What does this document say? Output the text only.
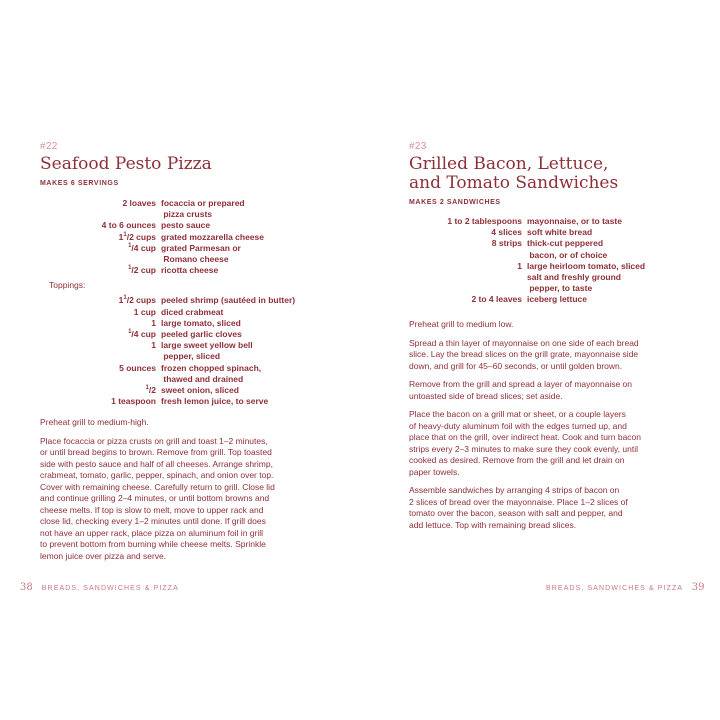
#22
Seafood Pesto Pizza
MAKES 6 SERVINGS
2 loaves focaccia or prepared
pizza crusts
4 to 6 ounces pesto sauce
$1^1/2$ cups grated mozzarella cheese
$^1$/4 cup grated Parmesan or
Romano cheese
$^1$/2 cup ricotta cheese
Toppings:
$1^1/2$ cups peeled shrimp (sautéed in butter)
1 cup diced crabmeat
1 large tomato, sliced
$^1$/4 cup peeled garlic cloves
1 large sweet yellow bell
pepper, sliced
5 ounces frozen chopped spinach,
thawed and drained
$^1$/2 sweet onion, sliced
1 teaspoon fresh lemon juice, to serve

Preheat grill to medium-high.

Place focaccia or pizza crusts on grill and toast 1–2 minutes,
or until bread begins to brown. Remove from grill. Top toasted
side with pesto sauce and half of all cheeses. Arrange shrimp,
crabmeat, tomato, garlic, pepper, spinach, and onion over top.
Cover with remaining cheese. Carefully return to grill. Close lid
and continue grilling 2–4 minutes, or until bottom browns and
cheese melts. If top is slow to melt, move to upper rack and
close lid, checking every 1–2 minutes until done. If grill does
not have an upper rack, place pizza on aluminum foil in grill
to prevent bottom from burning while cheese melts. Sprinkle
lemon juice over pizza and serve.

38 BREADS, SANDWICHES & PIZZA
#23
Grilled Bacon, Lettuce,
and Tomato Sandwiches
MAKES 2 SANDWICHES
1 to 2 tablespoons mayonnaise, or to taste
4 slices soft white bread
8 strips thick-cut peppered
bacon, or of choice
1 large heirloom tomato, sliced
salt and freshly ground
pepper, to taste
2 to 4 leaves iceberg lettuce

Preheat grill to medium low.

Spread a thin layer of mayonnaise on one side of each bread
slice. Lay the bread slices on the grill grate, mayonnaise side
down, and grill for 45–60 seconds, or until golden brown.

Remove from the grill and spread a layer of mayonnaise on
untoasted side of bread slices; set aside.

Place the bacon on a grill mat or sheet, or a couple layers
of heavy-duty aluminum foil with the edges turned up, and
place that on the grill, over indirect heat. Cook and turn bacon
strips every 2–3 minutes to make sure they cook evenly, until
cooked as desired. Remove from the grill and let drain on
paper towels.

Assemble sandwiches by arranging 4 strips of bacon on
2 slices of bread over the mayonnaise. Place 1–2 slices of
tomato over the bacon, season with salt and pepper, and
add lettuce. Top with remaining bread slices.

BREADS, SANDWICHES & PIZZA 39
